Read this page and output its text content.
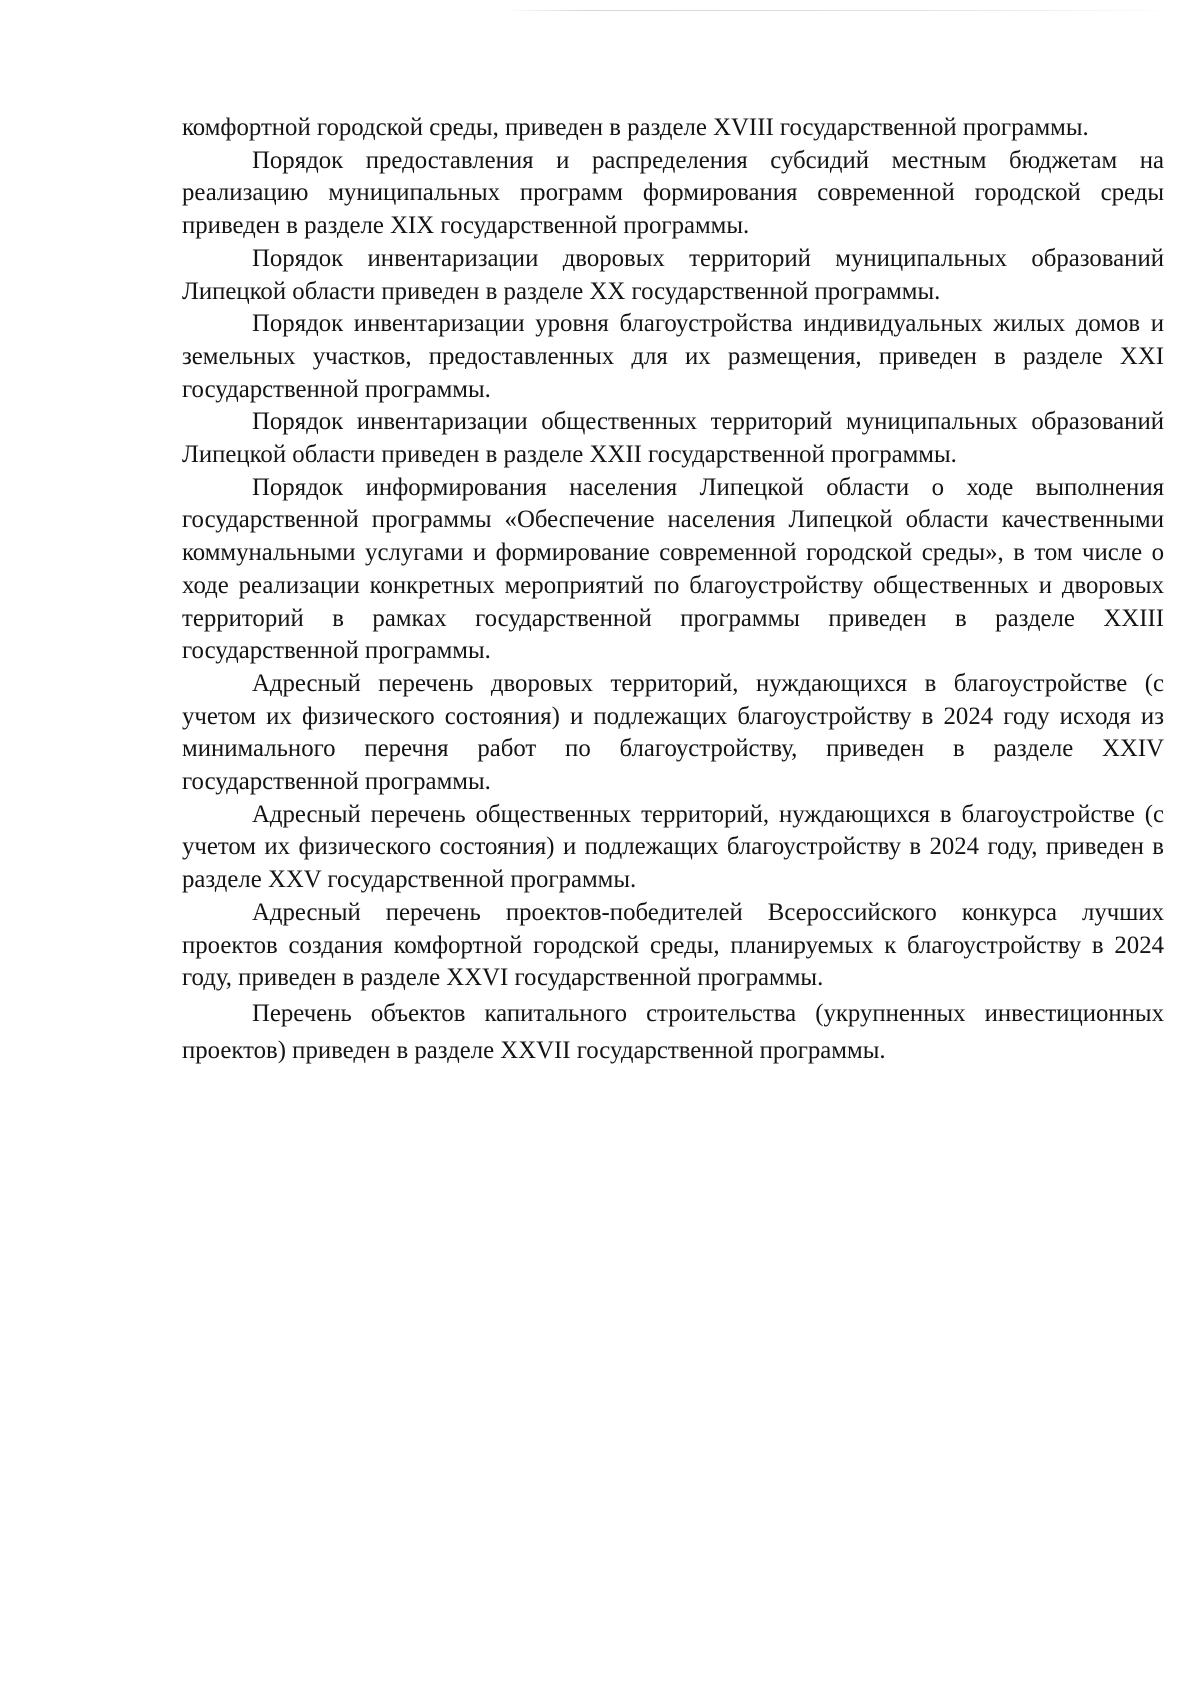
комфортной городской среды, приведен в разделе XVIII государственной программы.

Порядок предоставления и распределения субсидий местным бюджетам на реализацию муниципальных программ формирования современной городской среды приведен в разделе XIX государственной программы.

Порядок инвентаризации дворовых территорий муниципальных образований Липецкой области приведен в разделе XX государственной программы.

Порядок инвентаризации уровня благоустройства индивидуальных жилых домов и земельных участков, предоставленных для их размещения, приведен в разделе XXI государственной программы.

Порядок инвентаризации общественных территорий муниципальных образований Липецкой области приведен в разделе XXII государственной программы.

Порядок информирования населения Липецкой области о ходе выполнения государственной программы «Обеспечение населения Липецкой области качественными коммунальными услугами и формирование современной городской среды», в том числе о ходе реализации конкретных мероприятий по благоустройству общественных и дворовых территорий в рамках государственной программы приведен в разделе XXIII государственной программы.

Адресный перечень дворовых территорий, нуждающихся в благоустройстве (с учетом их физического состояния) и подлежащих благоустройству в 2024 году исходя из минимального перечня работ по благоустройству, приведен в разделе XXIV государственной программы.

Адресный перечень общественных территорий, нуждающихся в благоустройстве (с учетом их физического состояния) и подлежащих благоустройству в 2024 году, приведен в разделе XXV государственной программы.

Адресный перечень проектов-победителей Всероссийского конкурса лучших проектов создания комфортной городской среды, планируемых к благоустройству в 2024 году, приведен в разделе XXVI государственной программы.

Перечень объектов капитального строительства (укрупненных инвестиционных проектов) приведен в разделе XXVII государственной программы.
